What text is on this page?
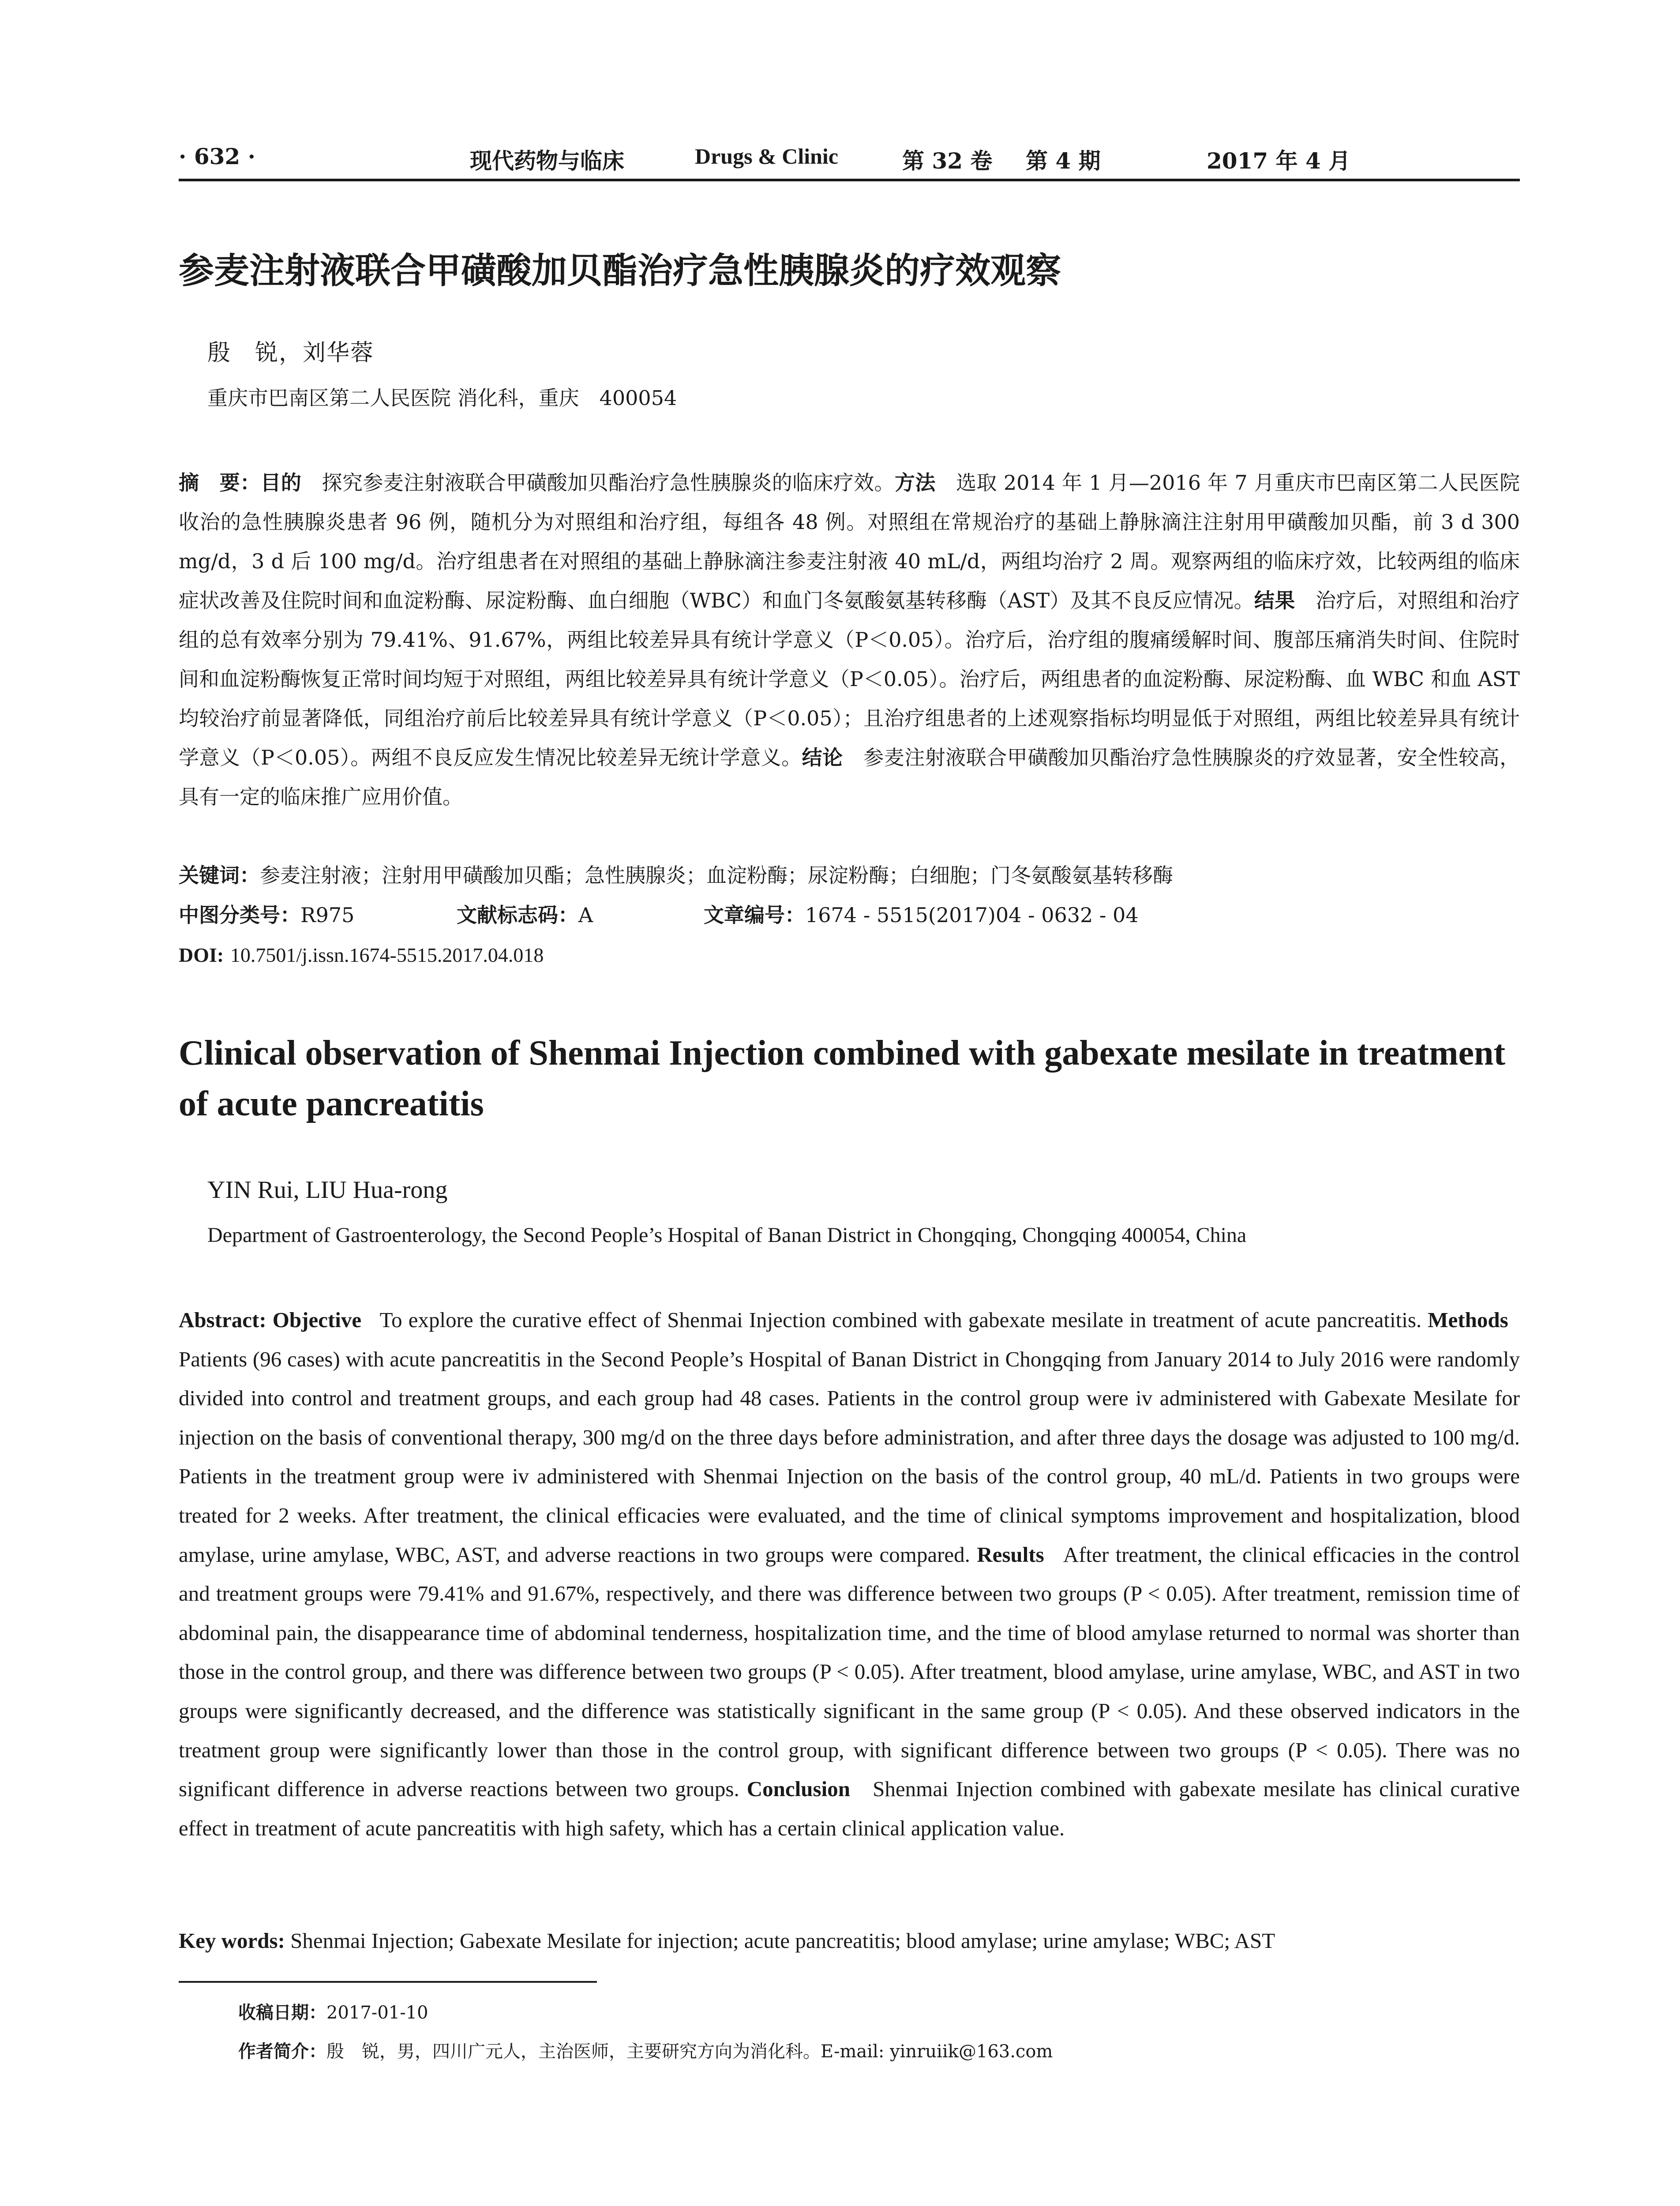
· 632 ·	现代药物与临床	Drugs & Clinic	第 32 卷 第 4 期	2017 年 4 月
参麦注射液联合甲磺酸加贝酯治疗急性胰腺炎的疗效观察
殷　锐，刘华蓉
重庆市巴南区第二人民医院 消化科，重庆　400054

摘　要：目的　 探究参麦注射液联合甲磺酸加贝酯治疗急性胰腺炎的临床疗效。方法　 选取 2014 年 1 月—2016 年 7 月重庆市巴南区第二人民医院收治的急性胰腺炎患者 96 例，随机分为对照组和治疗组，每组各 48 例。对照组在常规治疗的基础上静脉滴注注射用甲磺酸加贝酯，前 3 d 300 mg/d，3 d 后 100 mg/d。治疗组患者在对照组的基础上静脉滴注参麦注射液 40 mL/d，两组均治疗 2 周。观察两组的临床疗效，比较两组的临床症状改善及住院时间和血淀粉酶、尿淀粉酶、血白细胞（WBC）和血门冬氨酸氨基转移酶（AST）及其不良反应情况。结果　 治疗后，对照组和治疗组的总有效率分别为 79.41%、91.67%，两组比较差异具有统计学意义（P＜0.05）。治疗后，治疗组的腹痛缓解时间、腹部压痛消失时间、住院时间和血淀粉酶恢复正常时间均短于对照组，两组比较差异具有统计学意义（P＜0.05）。治疗后，两组患者的血淀粉酶、尿淀粉酶、血 WBC 和血 AST 均较治疗前显著降低，同组治疗前后比较差异具有统计学意义（P＜0.05）；且治疗组患者的上述观察指标均明显低于对照组，两组比较差异具有统计学意义（P＜0.05）。两组不良反应发生情况比较差异无统计学意义。结论　 参麦注射液联合甲磺酸加贝酯治疗急性胰腺炎的疗效显著，安全性较高，具有一定的临床推广应用价值。

关键词：参麦注射液；注射用甲磺酸加贝酯；急性胰腺炎；血淀粉酶；尿淀粉酶；白细胞；门冬氨酸氨基转移酶
中图分类号：R975	文献标志码：A	文章编号：1674 - 5515(2017)04 - 0632 - 04
DOI: 10.7501/j.issn.1674-5515.2017.04.018
Clinical observation of Shenmai Injection combined with gabexate mesilate in treatment of acute pancreatitis
YIN Rui, LIU Hua-rong
Department of Gastroenterology, the Second People’s Hospital of Banan District in Chongqing, Chongqing 400054, China

Abstract: Objective To explore the curative effect of Shenmai Injection combined with gabexate mesilate in treatment of acute pancreatitis. Methods   Patients (96 cases) with acute pancreatitis in the Second People’s Hospital of Banan District in Chongqing from January 2014 to July 2016 were randomly divided into control and treatment groups, and each group had 48 cases. Patients in the control group were iv administered with Gabexate Mesilate for injection on the basis of conventional therapy, 300 mg/d on the three days before administration, and after three days the dosage was adjusted to 100 mg/d. Patients in the treatment group were iv administered with Shenmai Injection on the basis of the control group, 40 mL/d. Patients in two groups were treated for 2 weeks. After treatment, the clinical efficacies were evaluated, and the time of clinical symptoms improvement and hospitalization, blood amylase, urine amylase, WBC, AST, and adverse reactions in two groups were compared. Results After treatment, the clinical efficacies in the control and treatment groups were 79.41% and 91.67%, respectively, and there was difference between two groups (P < 0.05). After treatment, remission time of abdominal pain, the disappearance time of abdominal tenderness, hospitalization time, and the time of blood amylase returned to normal was shorter than those in the control group, and there was difference between two groups (P < 0.05). After treatment, blood amylase, urine amylase, WBC, and AST in two groups were significantly decreased, and the difference was statistically significant in the same group (P < 0.05). And these observed indicators in the treatment group were significantly lower than those in the control group, with significant difference between two groups (P < 0.05). There was no significant difference in adverse reactions between two groups. Conclusion Shenmai Injection combined with gabexate mesilate has clinical curative effect in treatment of acute pancreatitis with high safety, which has a certain clinical application value.

Key words: Shenmai Injection; Gabexate Mesilate for injection; acute pancreatitis; blood amylase; urine amylase; WBC; AST
收稿日期：2017-01-10
作者简介：殷　锐，男，四川广元人，主治医师，主要研究方向为消化科。E-mail: yinruiik@163.com
